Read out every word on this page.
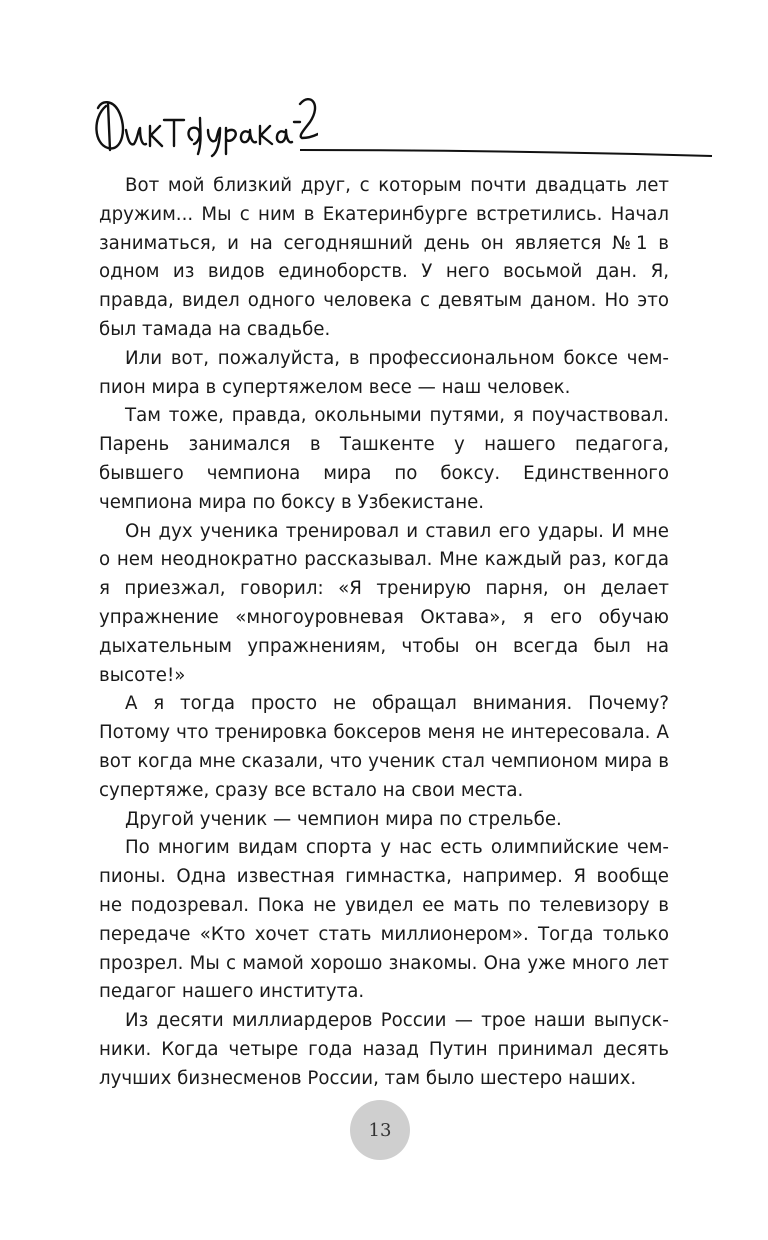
Вот мой близкий друг, с которым почти двадцать лет дружим... Мы с ним в Екатеринбурге встретились. Начал заниматься, и на сегодняшний день он является №1 в одном из видов единоборств. У него восьмой дан. Я, правда, видел одного человека с девятым даном. Но это был тамада на свадьбе.

Или вот, пожалуйста, в профессиональном боксе чемпион мира в супертяжелом весе — наш человек.

Там тоже, правда, окольными путями, я поучаствовал. Парень занимался в Ташкенте у нашего педагога, бывшего чемпиона мира по боксу. Единственного чемпиона мира по боксу в Узбекистане.

Он дух ученика тренировал и ставил его удары. И мне о нем неоднократно рассказывал. Мне каждый раз, когда я приезжал, говорил: «Я тренирую парня, он делает упражнение «многоуровневая Октава», я его обучаю дыхательным упражнениям, чтобы он всегда был на высоте!»

А я тогда просто не обращал внимания. Почему? Потому что тренировка боксеров меня не интересовала. А вот когда мне сказали, что ученик стал чемпионом мира в супертяже, сразу все встало на свои места.

Другой ученик — чемпион мира по стрельбе.

По многим видам спорта у нас есть олимпийские чемпионы. Одна известная гимнастка, например. Я вообще не подозревал. Пока не увидел ее мать по телевизору в передаче «Кто хочет стать миллионером». Тогда только прозрел. Мы с мамой хорошо знакомы. Она уже много лет педагог нашего института.

Из десяти миллиардеров России — трое наши выпускники. Когда четыре года назад Путин принимал десять лучших бизнесменов России, там было шестеро наших.

13
